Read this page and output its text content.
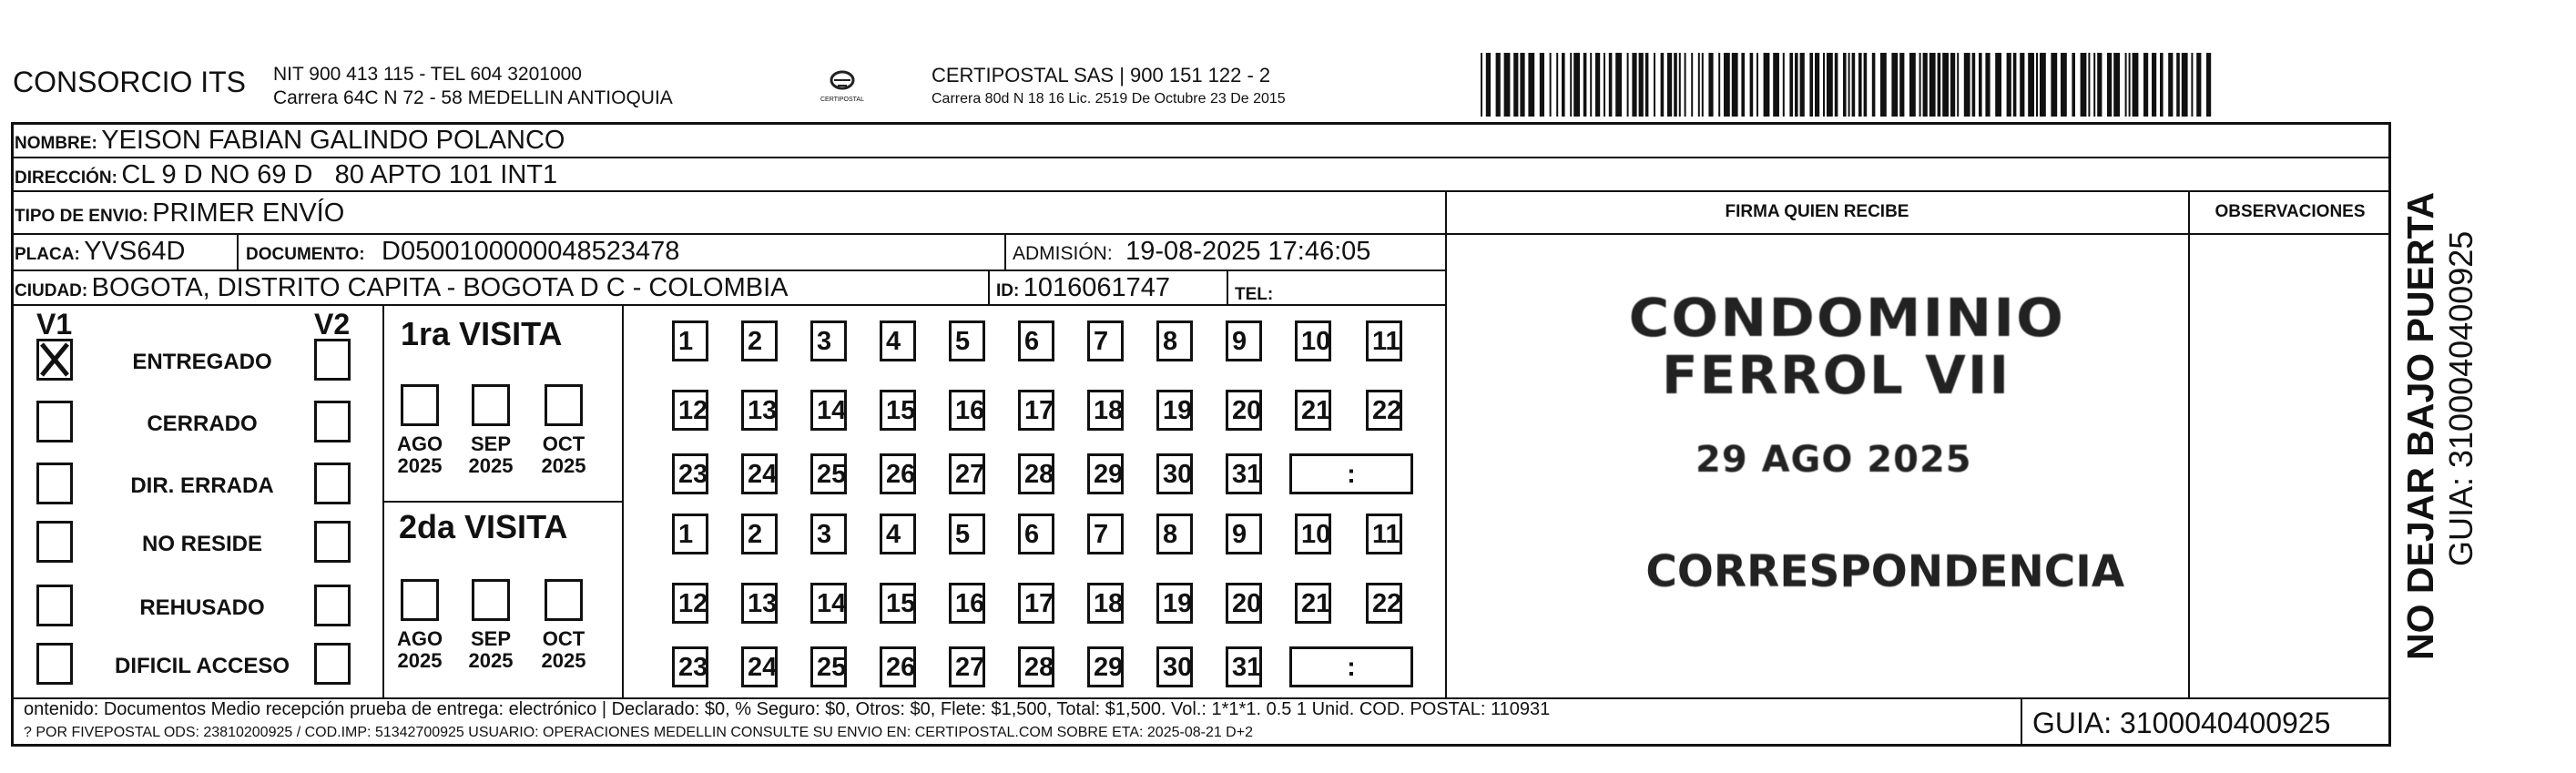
CONSORCIO ITS NIT 900 413 115 - TEL 604 3201000
Carrera 64C N 72 - 58 MEDELLIN ANTIOQUIA	CERTIPOSTAL
CERTIPOSTAL SAS | 900 151 122 - 2
Carrera 80d N 18 16 Lic. 2519 De Octubre 23 De 2015
NOMBRE: YEISON FABIAN GALINDO POLANCO
DIRECCIÓN: CL 9 D NO 69 D   80 APTO 101 INT1
TIPO DE ENVIO: PRIMER ENVÍO	FIRMA QUIEN RECIBE	OBSERVACIONES
PLACA: YVS64D	DOCUMENTO: D0500100000048523478	ADMISIÓN: 19-08-2025 17:46:05
CIUDAD: BOGOTA, DISTRITO CAPITA - BOGOTA D C - COLOMBIA	ID: 1016061747	TEL:
V1	V2
ENTREGADO
CERRADO
DIR. ERRADA
NO RESIDE
REHUSADO
DIFICIL ACCESO
1ra VISITA
2da VISITA
1	2	3	4	5	6	7	8	9	10 11
12 13 14 15 16 17 18 19 20 21 22
23 24 25 26 27 28 29 30 31	:
1	2	3	4	5	6	7	8	9	10 11
12 13 14 15 16 17 18 19 20 21 22
23 24 25 26 27 28 29 30 31	:
AGO
2025
SEP
2025
OCT
2025
AGO
2025
SEP
2025
OCT
2025
CONDOMINIO
FERROL VII
29 AGO 2025
CORRESPONDENCIA	NO DEJAR BAJO PUERTA GUIA: 3100040400925
ontenido: Documentos Medio recepción prueba de entrega: electrónico | Declarado: $0, % Seguro: $0, Otros: $0, Flete: $1,500, Total: $1,500. Vol.: 1*1*1. 0.5 1 Unid. COD. POSTAL: 110931
? POR FIVEPOSTAL ODS: 23810200925 / COD.IMP: 51342700925 USUARIO: OPERACIONES MEDELLIN CONSULTE SU ENVIO EN: CERTIPOSTAL.COM SOBRE ETA: 2025-08-21 D+2	GUIA: 3100040400925
